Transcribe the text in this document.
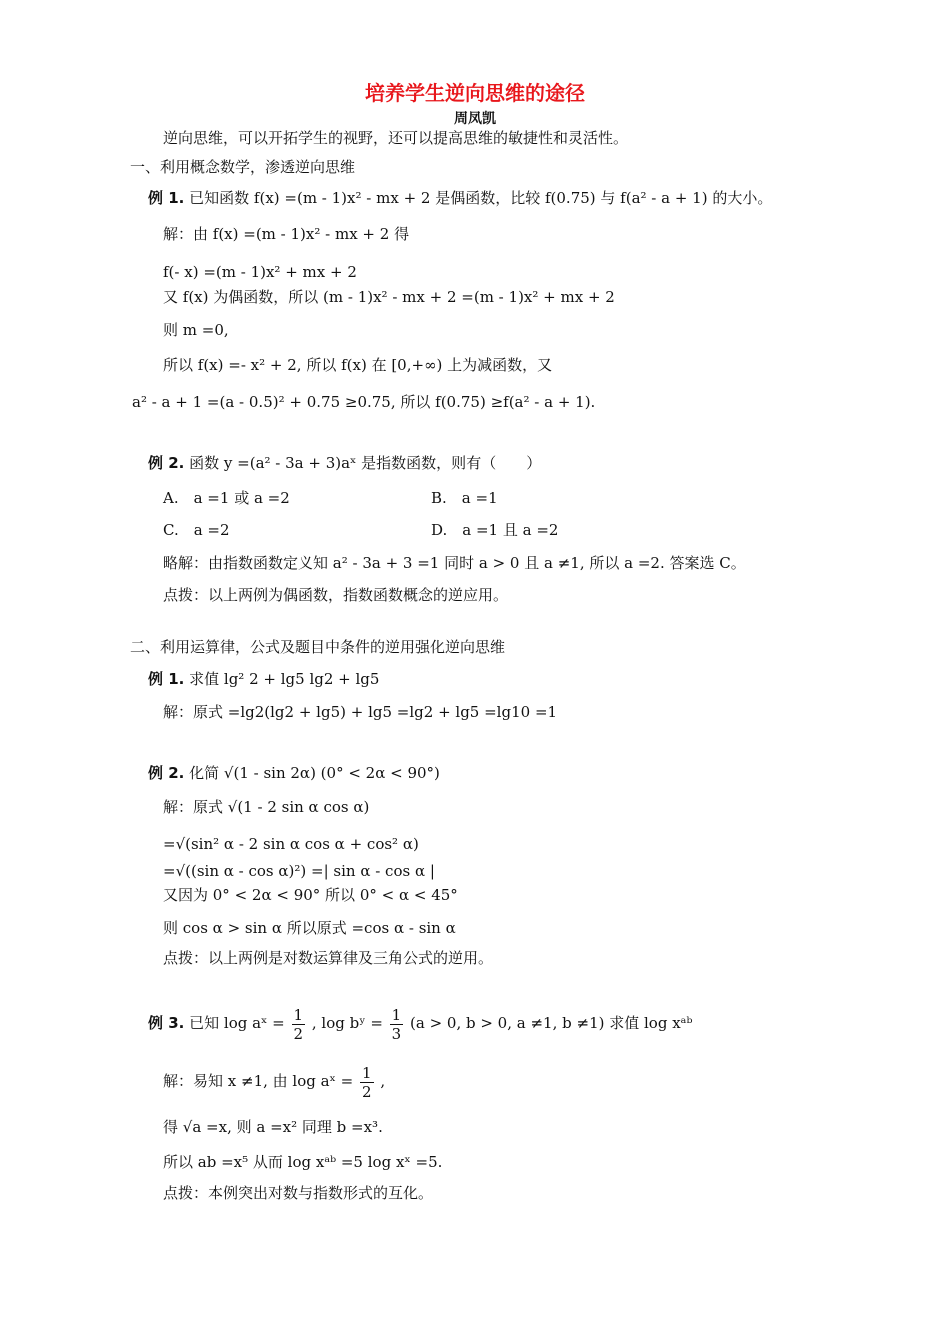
培养学生逆向思维的途径
周凤凯
逆向思维，可以开拓学生的视野，还可以提高思维的敏捷性和灵活性。
一、利用概念数学，渗透逆向思维
例 1. 已知函数 f(x) =(m - 1)x² - mx + 2 是偶函数，比较 f(0.75) 与 f(a² - a + 1) 的大小。
解：由 f(x) =(m - 1)x² - mx + 2 得
f(- x) =(m - 1)x² + mx + 2
又 f(x) 为偶函数，所以 (m - 1)x² - mx + 2 =(m - 1)x² + mx + 2
则 m =0,
所以 f(x) =- x² + 2, 所以 f(x) 在 [0,+∞) 上为减函数，又
a² - a + 1 =(a - 0.5)² + 0.75 ≥0.75, 所以 f(0.75) ≥f(a² - a + 1).
例 2. 函数 y =(a² - 3a + 3)aˣ 是指数函数，则有（　　）
A.　a =1 或 a =2	B.　a =1
C.　a =2	D.　a =1 且 a =2
略解：由指数函数定义知 a² - 3a + 3 =1 同时 a > 0 且 a ≠1, 所以 a =2. 答案选 C。
点拨：以上两例为偶函数，指数函数概念的逆应用。
二、利用运算律，公式及题目中条件的逆用强化逆向思维
例 1. 求值 lg² 2 + lg5 lg2 + lg5
解：原式 =lg2(lg2 + lg5) + lg5 =lg2 + lg5 =lg10 =1
例 2. 化简 √(1 - sin 2α) (0° < 2α < 90°)
解：原式 √(1 - 2 sin α cos α)
=√(sin² α - 2 sin α cos α + cos² α)
=√((sin α - cos α)²) =| sin α - cos α |
又因为 0° < 2α < 90° 所以 0° < α < 45°
则 cos α > sin α 所以原式 =cos α - sin α
点拨：以上两例是对数运算律及三角公式的逆用。
例 3. 已知 log aˣ = $\frac{1}{2}$ , log bʸ = $\frac{1}{3} (a > 0$, b > 0, a ≠1, b ≠1) 求值 log xᵃᵇ
解：易知 x ≠1, 由 log aˣ = $\frac{1}{2}$ ,
得 √a =x, 则 a =x² 同理 b =x³.
所以 ab =x⁵ 从而 log xᵃᵇ =5 log xˣ =5.
点拨：本例突出对数与指数形式的互化。
